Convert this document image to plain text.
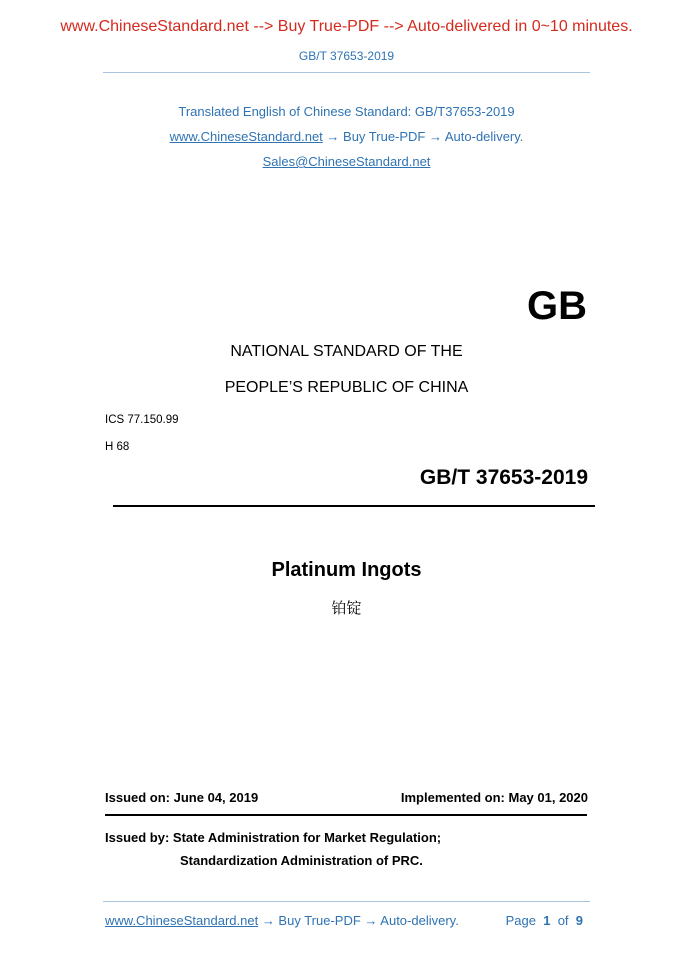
www.ChineseStandard.net --> Buy True-PDF --> Auto-delivered in 0~10 minutes.
GB/T 37653-2019
Translated English of Chinese Standard: GB/T37653-2019
www.ChineseStandard.net → Buy True-PDF → Auto-delivery.
Sales@ChineseStandard.net
GB
NATIONAL STANDARD OF THE
PEOPLE’S REPUBLIC OF CHINA
ICS 77.150.99
H 68
GB/T 37653-2019
Platinum Ingots
铂锭
Issued on: June 04, 2019	Implemented on: May 01, 2020
Issued by: State Administration for Market Regulation;
Standardization Administration of PRC.
www.ChineseStandard.net → Buy True-PDF → Auto-delivery.	Page 1 of 9
